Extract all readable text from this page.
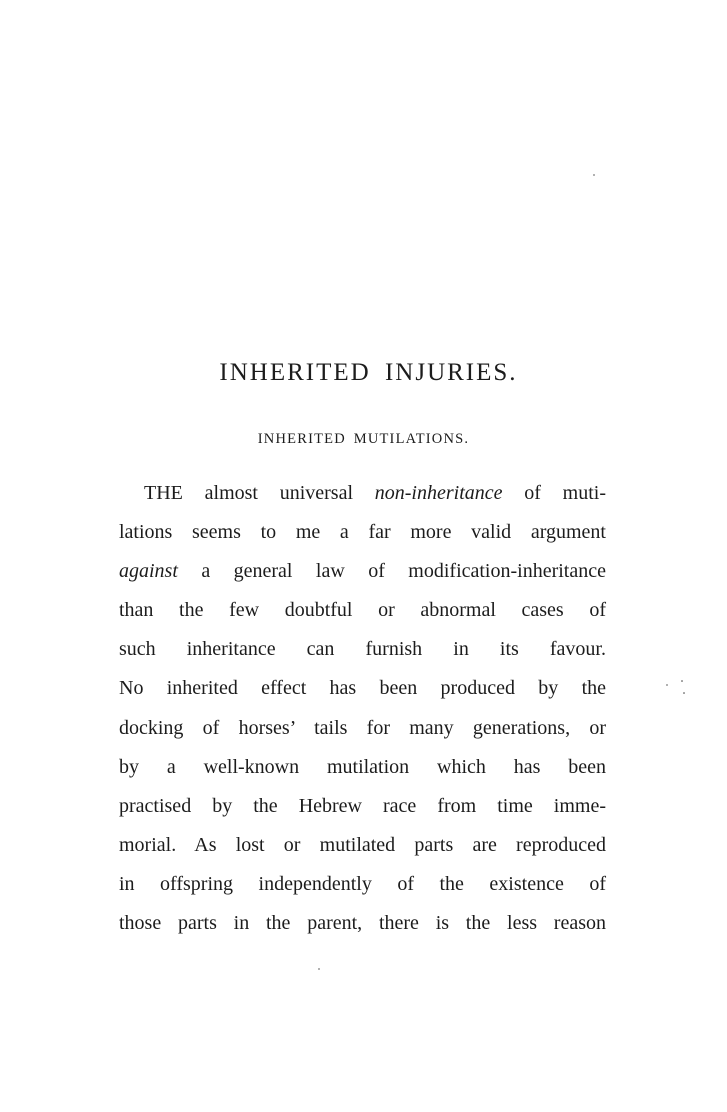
INHERITED INJURIES.
INHERITED MUTILATIONS.
THE almost universal non-inheritance of muti-
lations seems to me a far more valid argument
against a general law of modification-inheritance
than the few doubtful or abnormal cases of
such inheritance can furnish in its favour.
No inherited effect has been produced by the
docking of horses’ tails for many generations, or
by a well-known mutilation which has been
practised by the Hebrew race from time imme-
morial. As lost or mutilated parts are reproduced
in offspring independently of the existence of
those parts in the parent, there is the less reason
